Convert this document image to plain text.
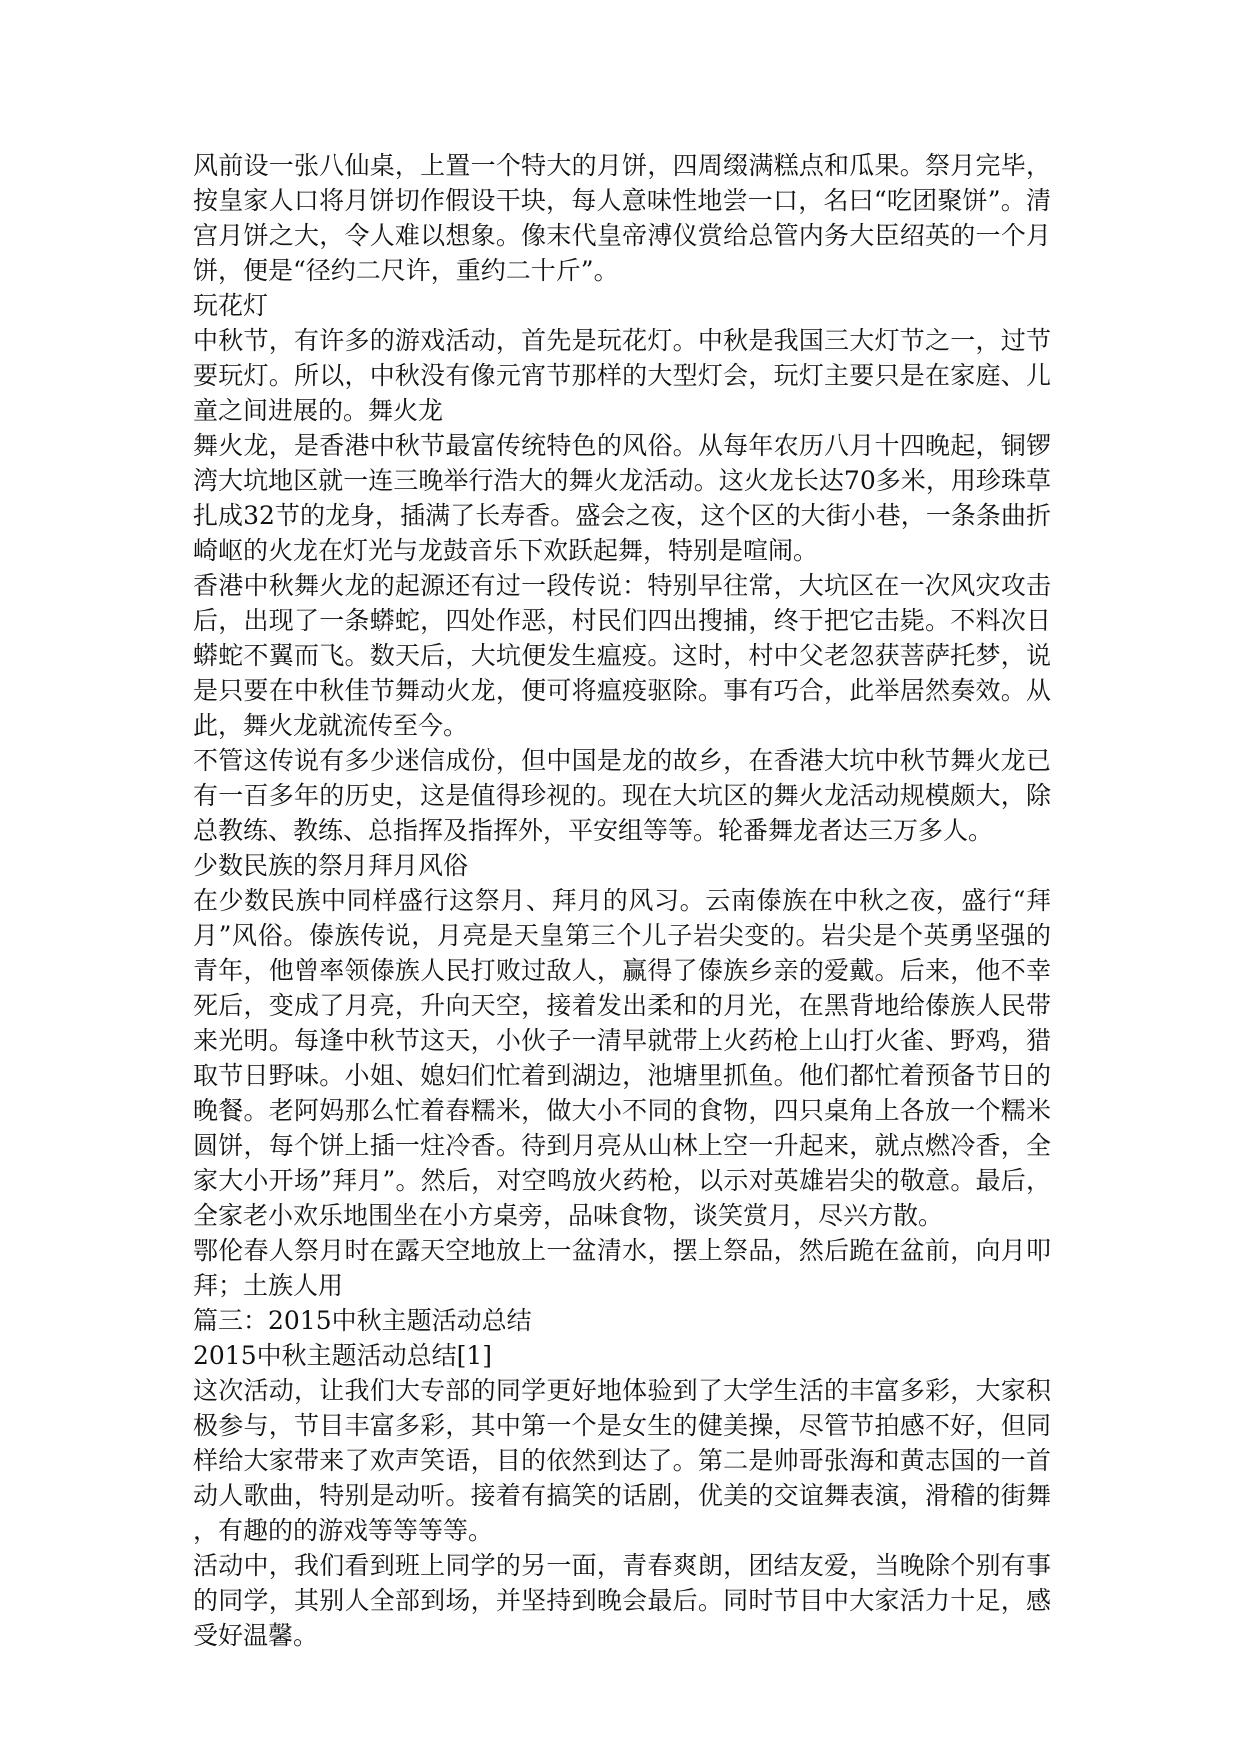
风前设一张八仙桌，上置一个特大的月饼，四周缀满糕点和瓜果。祭月完毕，
按皇家人口将月饼切作假设干块，每人意味性地尝一口，名曰“吃团聚饼”。清
宫月饼之大，令人难以想象。像末代皇帝溥仪赏给总管内务大臣绍英的一个月
饼，便是“径约二尺许，重约二十斤”。
玩花灯
中秋节，有许多的游戏活动，首先是玩花灯。中秋是我国三大灯节之一，过节
要玩灯。所以，中秋没有像元宵节那样的大型灯会，玩灯主要只是在家庭、儿
童之间进展的。舞火龙
舞火龙，是香港中秋节最富传统特色的风俗。从每年农历八月十四晚起，铜锣
湾大坑地区就一连三晚举行浩大的舞火龙活动。这火龙长达70多米，用珍珠草
扎成32节的龙身，插满了长寿香。盛会之夜，这个区的大街小巷，一条条曲折
崎岖的火龙在灯光与龙鼓音乐下欢跃起舞，特别是喧闹。
香港中秋舞火龙的起源还有过一段传说：特别早往常，大坑区在一次风灾攻击
后，出现了一条蟒蛇，四处作恶，村民们四出搜捕，终于把它击毙。不料次日
蟒蛇不翼而飞。数天后，大坑便发生瘟疫。这时，村中父老忽获菩萨托梦，说
是只要在中秋佳节舞动火龙，便可将瘟疫驱除。事有巧合，此举居然奏效。从
此，舞火龙就流传至今。
不管这传说有多少迷信成份，但中国是龙的故乡，在香港大坑中秋节舞火龙已
有一百多年的历史，这是值得珍视的。现在大坑区的舞火龙活动规模颇大，除
总教练、教练、总指挥及指挥外，平安组等等。轮番舞龙者达三万多人。
少数民族的祭月拜月风俗
在少数民族中同样盛行这祭月、拜月的风习。云南傣族在中秋之夜，盛行“拜
月”风俗。傣族传说，月亮是天皇第三个儿子岩尖变的。岩尖是个英勇坚强的
青年，他曾率领傣族人民打败过敌人，赢得了傣族乡亲的爱戴。后来，他不幸
死后，变成了月亮，升向天空，接着发出柔和的月光，在黑背地给傣族人民带
来光明。每逢中秋节这天，小伙子一清早就带上火药枪上山打火雀、野鸡，猎
取节日野味。小姐、媳妇们忙着到湖边，池塘里抓鱼。他们都忙着预备节日的
晚餐。老阿妈那么忙着舂糯米，做大小不同的食物，四只桌角上各放一个糯米
圆饼，每个饼上插一炷冷香。待到月亮从山林上空一升起来，就点燃冷香，全
家大小开场”拜月”。然后，对空鸣放火药枪，以示对英雄岩尖的敬意。最后，
全家老小欢乐地围坐在小方桌旁，品味食物，谈笑赏月，尽兴方散。
鄂伦春人祭月时在露天空地放上一盆清水，摆上祭品，然后跪在盆前，向月叩
拜；土族人用
篇三：2015中秋主题活动总结
2015中秋主题活动总结[1]
这次活动，让我们大专部的同学更好地体验到了大学生活的丰富多彩，大家积
极参与，节目丰富多彩，其中第一个是女生的健美操，尽管节拍感不好，但同
样给大家带来了欢声笑语，目的依然到达了。第二是帅哥张海和黄志国的一首
动人歌曲，特别是动听。接着有搞笑的话剧，优美的交谊舞表演，滑稽的街舞
，有趣的的游戏等等等等。
活动中，我们看到班上同学的另一面，青春爽朗，团结友爱，当晚除个别有事
的同学，其别人全部到场，并坚持到晚会最后。同时节目中大家活力十足，感
受好温馨。
